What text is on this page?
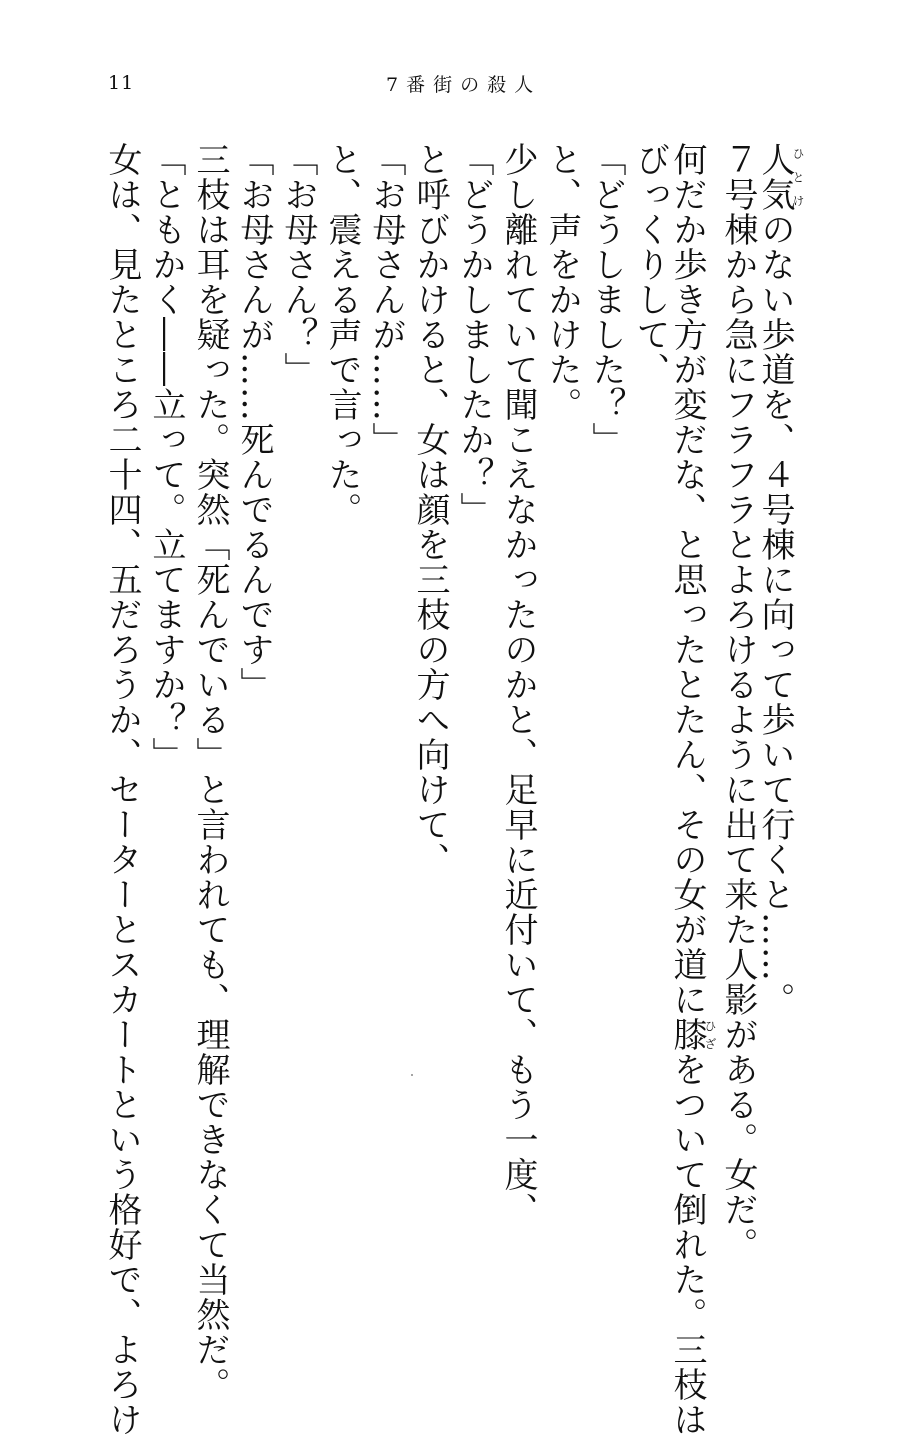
11	7番街の殺人
人気ひとけのない歩道を、４号棟に向って歩いて行くと……。
７号棟から急にフラフラとよろけるように出て来た人影がある。女だ。
何だか歩き方が変だな、と思ったとたん、その女が道に膝ひざをついて倒れた。三枝は
びっくりして、
「どうしました？」
と、声をかけた。
少し離れていて聞こえなかったのかと、足早に近付いて、もう一度、
「どうかしましたか？」
と呼びかけると、女は顔を三枝の方へ向けて、
「お母さんが……」
と、震える声で言った。
「お母さん？」
「お母さんが……死んでるんです」
三枝は耳を疑った。突然「死んでいる」と言われても、理解できなくて当然だ。
「ともかく――立って。立てますか？」
女は、見たところ二十四、五だろうか、セーターとスカートという格好で、よろけ
